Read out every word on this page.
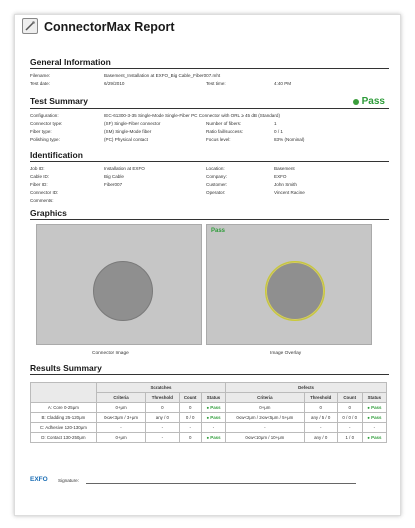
ConnectorMax Report
General Information
Filename:	Basement_Installation at EXFO_Big Cable_Fiber007.mht
Test date:	6/29/2010	Test time:	4:40 PM
Test Summary	Pass
Configuration:	IEC-61300-3-35 Single-Mode Single-Fiber PC Connector with ORL ≥ 45 dB (Standard)
Connector type:	(SF) Single-Fiber connector
Fiber type:	(SM) Single-Mode fiber
Polishing type:	(PC) Physical contact
Number of fibers:	1
Ratio fail/success:	0 / 1
Focus level:	83% (Nominal)
Identification
Job ID:	Installation at EXFO
Cable ID:	Big Cable
Fiber ID:	Fiber007
Connector ID:
Comments:
Location:	Basement
Company:	EXFO
Customer:	John Smith
Operator:	Vincent Racine
Graphics
Pass
Connector Image	Image Overlay
Results Summary
	Scratches				Defects			
	Criteria	Threshold	Count	Status	Criteria	Threshold	Count	Status
A: Core 0-25μm	0+μm	0	0	● Pass	0+μm	0	0	● Pass
B: Cladding 25-120μm	0≤w<3μm / 3+μm	any / 0	0 / 0	● Pass	0≤w<2μm / 2≤w<5μm / 5+μm	any / 5 / 0	0 / 0 / 0	● Pass
C: Adhesive 120-130μm	-	-	-	-	-	-	-	-
D: Contact 130-250μm	0+μm	-	0	● Pass	0≤w<10μm / 10+μm	any / 0	1 / 0	● Pass
EXFO Signature:
